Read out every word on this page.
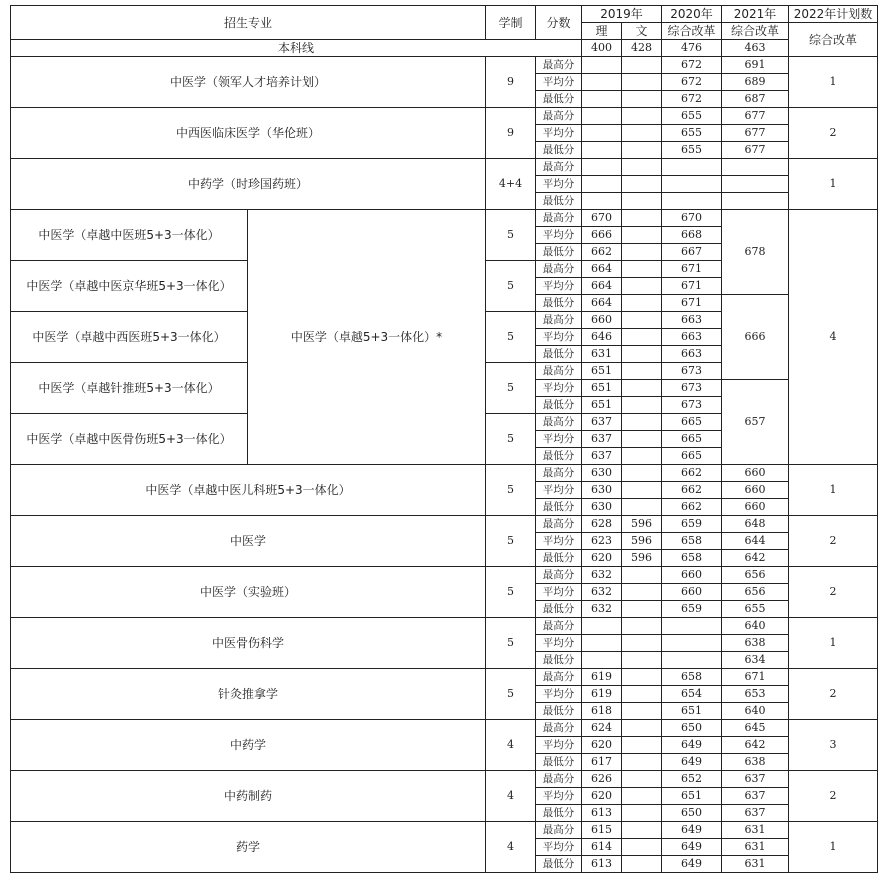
招生专业		学制	分数	2019年		2020年	2021年	2022年计划数
				理	文	综合改革	综合改革	综合改革
本科线				400	428	476	463	
中医学（领军人才培养计划）		9	最高分			672	691	1
			平均分			672	689	
			最低分			672	687	
中西医临床医学（华伦班）		9	最高分			655	677	2
			平均分			655	677	
			最低分			655	677	
中药学（时珍国药班）		4+4	最高分					1
			平均分					
			最低分					
中医学（卓越中医班5+3一体化）	中医学（卓越5+3一体化）*	5	最高分	670		670	678	4
			平均分	666		668		
			最低分	662		667		
中医学（卓越中医京华班5+3一体化）		5	最高分	664		671		
			平均分	664		671		
			最低分	664		671	666	
中医学（卓越中西医班5+3一体化）		5	最高分	660		663		
			平均分	646		663		
			最低分	631		663		
中医学（卓越针推班5+3一体化）		5	最高分	651		673		
			平均分	651		673	657	
			最低分	651		673		
中医学（卓越中医骨伤班5+3一体化）		5	最高分	637		665		
			平均分	637		665		
			最低分	637		665		
中医学（卓越中医儿科班5+3一体化）		5	最高分	630		662	660	1
			平均分	630		662	660	
			最低分	630		662	660	
中医学		5	最高分	628	596	659	648	2
			平均分	623	596	658	644	
			最低分	620	596	658	642	
中医学（实验班）		5	最高分	632		660	656	2
			平均分	632		660	656	
			最低分	632		659	655	
中医骨伤科学		5	最高分				640	1
			平均分				638	
			最低分				634	
针灸推拿学		5	最高分	619		658	671	2
			平均分	619		654	653	
			最低分	618		651	640	
中药学		4	最高分	624		650	645	3
			平均分	620		649	642	
			最低分	617		649	638	
中药制药		4	最高分	626		652	637	2
			平均分	620		651	637	
			最低分	613		650	637	
药学		4	最高分	615		649	631	1
			平均分	614		649	631	
			最低分	613		649	631	
